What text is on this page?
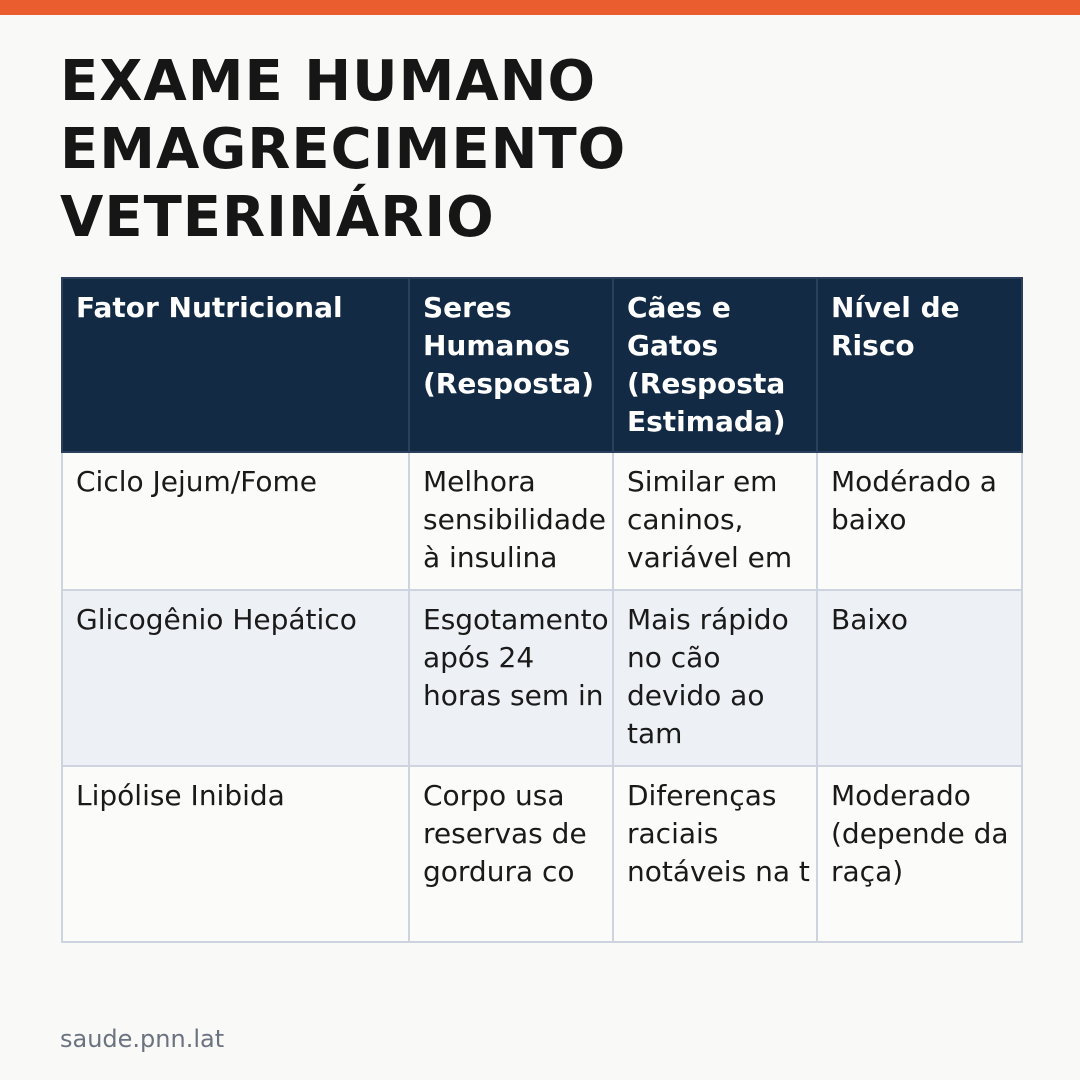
EXAME HUMANO
EMAGRECIMENTO
VETERINÁRIO
Fator Nutricional	Seres Humanos (Resposta)	Cães e Gatos (Resposta Estimada)	Nível de Risco
Ciclo Jejum/Fome	Melhora sensibilidade à insulina	Similar em caninos, variável em	Modérado a baixo
Glicogênio Hepático	Esgotamento após 24 horas sem in	Mais rápido no cão devido ao tam	Baixo
Lipólise Inibida	Corpo usa reservas de gordura co	Diferenças raciais notáveis na t	Moderado (depende da raça)
saude.pnn.lat
